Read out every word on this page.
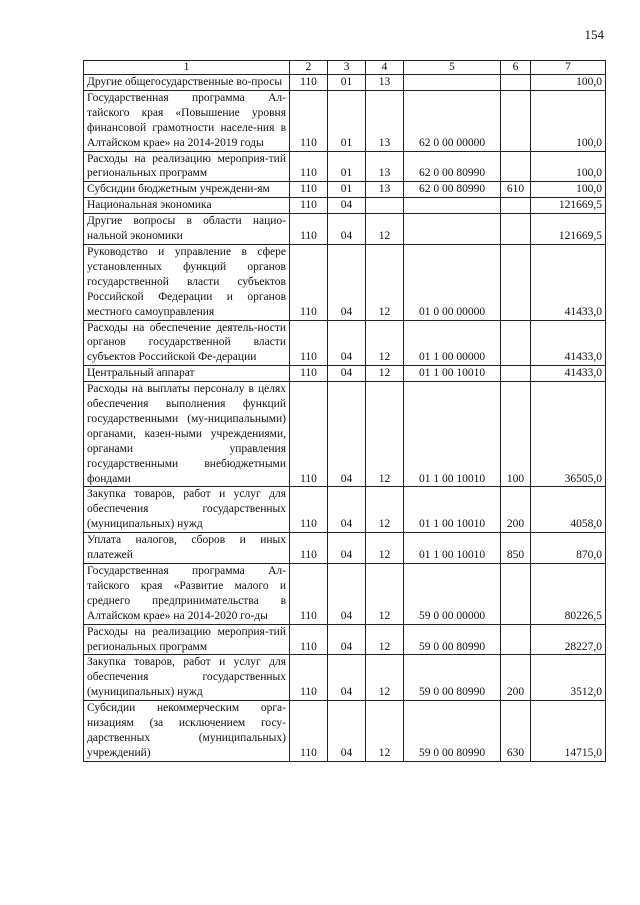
154
1	2	3	4	5	6	7

Другие общегосударственные во-просы	110	01	13			100,0

Государственная программа Ал-тайского края «Повышение уровня финансовой грамотности населе-ния в Алтайском крае» на 2014-2019 годы	110	01	13	62 0 00 00000		100,0

Расходы на реализацию мероприя-тий региональных программ	110	01	13	62 0 00 80990		100,0

Субсидии бюджетным учреждени-ям	110	01	13	62 0 00 80990	610	100,0

Национальная экономика	110	04				121669,5

Другие вопросы в области нацио-нальной экономики	110	04	12			121669,5

Руководство и управление в сфере установленных функций органов государственной власти субъектов Российской Федерации и органов местного самоуправления	110	04	12	01 0 00 00000		41433,0

Расходы на обеспечение деятель-ности органов государственной власти субъектов Российской Фе-дерации	110	04	12	01 1 00 00000		41433,0

Центральный аппарат	110	04	12	01 1 00 10010		41433,0

Расходы на выплаты персоналу в целях обеспечения выполнения функций государственными (му-ниципальными) органами, казен-ными учреждениями, органами управления государственными внебюджетными фондами	110	04	12	01 1 00 10010	100	36505,0

Закупка товаров, работ и услуг для обеспечения государственных (муниципальных) нужд	110	04	12	01 1 00 10010	200	4058,0

Уплата налогов, сборов и иных платежей	110	04	12	01 1 00 10010	850	870,0

Государственная программа Ал-тайского края «Развитие малого и среднего предпринимательства в Алтайском крае» на 2014-2020 го-ды	110	04	12	59 0 00 00000		80226,5

Расходы на реализацию мероприя-тий региональных программ	110	04	12	59 0 00 80990		28227,0

Закупка товаров, работ и услуг для обеспечения государственных (муниципальных) нужд	110	04	12	59 0 00 80990	200	3512,0

Субсидии некоммерческим орга-низациям (за исключением госу-дарственных (муниципальных) учреждений)	110	04	12	59 0 00 80990	630	14715,0
